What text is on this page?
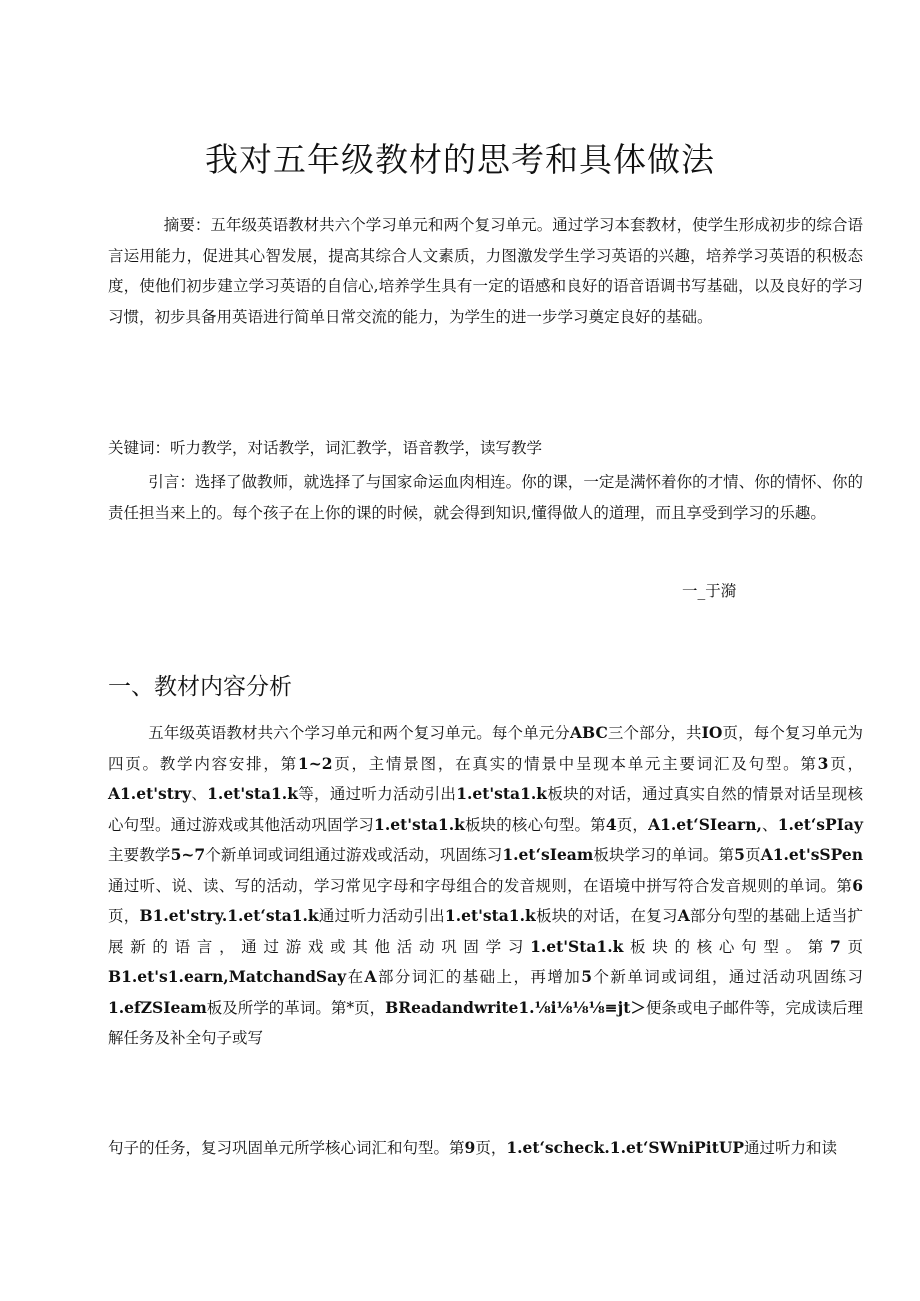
我对五年级教材的思考和具体做法

摘要：五年级英语教材共六个学习单元和两个复习单元。通过学习本套教材，使学生形成初步的综合语言运用能力，促进其心智发展，提高其综合人文素质，力图激发学生学习英语的兴趣，培养学习英语的积极态度，使他们初步建立学习英语的自信心,培养学生具有一定的语感和良好的语音语调书写基础，以及良好的学习习惯，初步具备用英语进行简单日常交流的能力，为学生的进一步学习奠定良好的基础。

关键词：听力教学，对话教学，词汇教学，语音教学，读写教学

引言：选择了做教师，就选择了与国家命运血肉相连。你的课，一定是满怀着你的才情、你的情怀、你的责任担当来上的。每个孩子在上你的课的时候，就会得到知识,懂得做人的道理，而且享受到学习的乐趣。

一_于漪
一、教材内容分析

五年级英语教材共六个学习单元和两个复习单元。每个单元分ABC三个部分，共IO页，每个复习单元为四页。教学内容安排，第1~2页，主情景图，在真实的情景中呈现本单元主要词汇及句型。第3页，A1.et'stry、1.et'sta1.k等，通过听力活动引出1.et'sta1.k板块的对话，通过真实自然的情景对话呈现核心句型。通过游戏或其他活动巩固学习1.et'sta1.k板块的核心句型。第4页，A1.et‘SIearn,、1.et‘sPIay主要教学5~7个新单词或词组通过游戏或活动，巩固练习1.et‘sIeam板块学习的单词。第5页A1.et'sSPen通过听、说、读、写的活动，学习常见字母和字母组合的发音规则，在语境中拼写符合发音规则的单词。第6页，B1.et'stry.1.et‘sta1.k通过听力活动引出1.et'sta1.k板块的对话，在复习A部分句型的基础上适当扩展新的语言，通过游戏或其他活动巩固学习1.et'Sta1.k板块的核心句型。第7页B1.et's1.earn,MatchandSay在A部分词汇的基础上，再增加5个新单词或词组，通过活动巩固练习1.efZSIeam板及所学的革词。第*页，BReadandwrite1.⅛i⅛⅛⅛≡jt＞便条或电子邮件等，完成读后理解任务及补全句子或写

句子的任务，复习巩固单元所学核心词汇和句型。第9页，1.et‘scheck.1.et‘SWniPitUP通过听力和读
